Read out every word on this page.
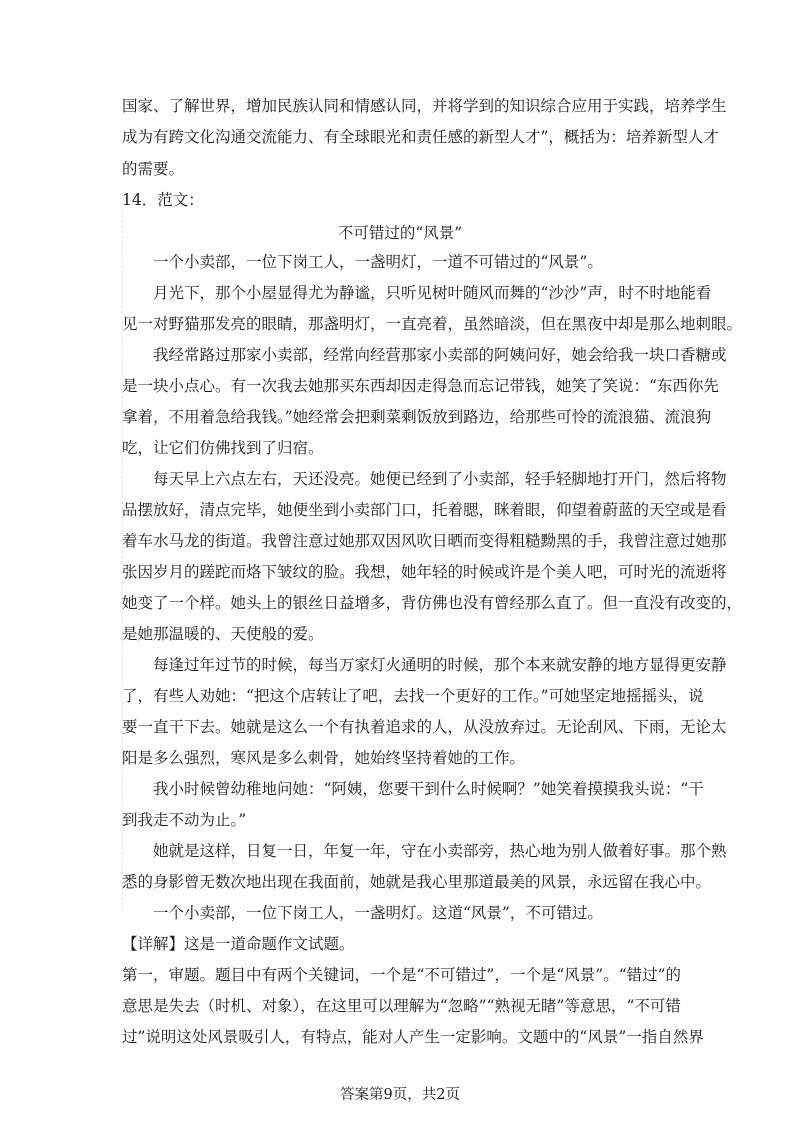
不可错过的“风景”
国家、了解世界，增加民族认同和情感认同，并将学到的知识综合应用于实践，培养学生
成为有跨文化沟通交流能力、有全球眼光和责任感的新型人才”，概括为：培养新型人才
的需要。
14．范文：
　　一个小卖部，一位下岗工人，一盏明灯，一道不可错过的“风景”。
　　月光下，那个小屋显得尤为静谧，只听见树叶随风而舞的“沙沙”声，时不时地能看
见一对野猫那发亮的眼睛，那盏明灯，一直亮着，虽然暗淡，但在黑夜中却是那么地刺眼。
　　我经常路过那家小卖部，经常向经营那家小卖部的阿姨问好，她会给我一块口香糖或
是一块小点心。有一次我去她那买东西却因走得急而忘记带钱，她笑了笑说：“东西你先
拿着，不用着急给我钱。”她经常会把剩菜剩饭放到路边，给那些可怜的流浪猫、流浪狗
吃，让它们仿佛找到了归宿。
　　每天早上六点左右，天还没亮。她便已经到了小卖部，轻手轻脚地打开门，然后将物
品摆放好，清点完毕，她便坐到小卖部门口，托着腮，眯着眼，仰望着蔚蓝的天空或是看
着车水马龙的街道。我曾注意过她那双因风吹日晒而变得粗糙黝黑的手，我曾注意过她那
张因岁月的蹉跎而烙下皱纹的脸。我想，她年轻的时候或许是个美人吧，可时光的流逝将
她变了一个样。她头上的银丝日益增多，背仿佛也没有曾经那么直了。但一直没有改变的，
是她那温暖的、天使般的爱。
　　每逢过年过节的时候，每当万家灯火通明的时候，那个本来就安静的地方显得更安静
了，有些人劝她：“把这个店转让了吧，去找一个更好的工作。”可她坚定地摇摇头，说
要一直干下去。她就是这么一个有执着追求的人，从没放弃过。无论刮风、下雨，无论太
阳是多么强烈，寒风是多么刺骨，她始终坚持着她的工作。
　　我小时候曾幼稚地问她：“阿姨，您要干到什么时候啊？”她笑着摸摸我头说：“干
到我走不动为止。”
　　她就是这样，日复一日，年复一年，守在小卖部旁，热心地为别人做着好事。那个熟
悉的身影曾无数次地出现在我面前，她就是我心里那道最美的风景，永远留在我心中。
　　一个小卖部，一位下岗工人，一盏明灯。这道“风景”，不可错过。
【详解】这是一道命题作文试题。
第一，审题。题目中有两个关键词，一个是“不可错过”，一个是“风景”。“错过”的
意思是失去（时机、对象），在这里可以理解为“忽略”“熟视无睹”等意思，“不可错
过”说明这处风景吸引人，有特点，能对人产生一定影响。文题中的“风景”一指自然界
答案第9页，共2页
